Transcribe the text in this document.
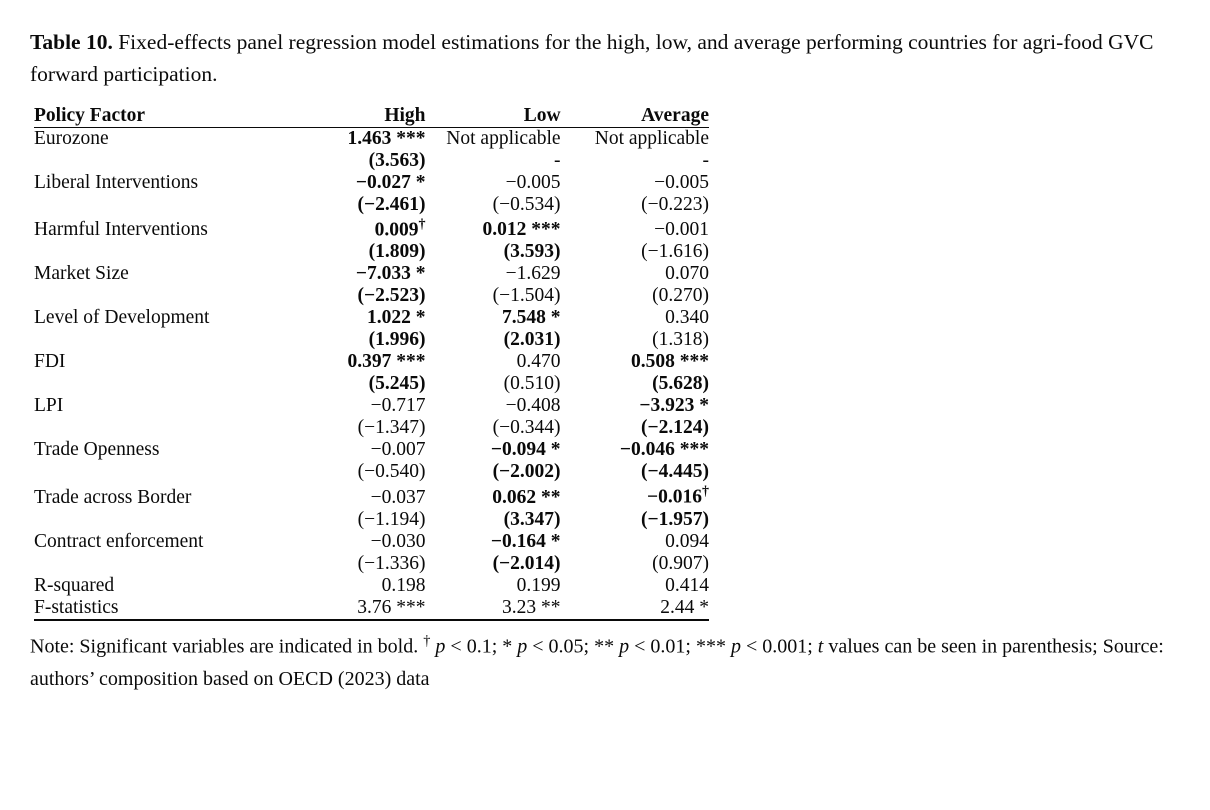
Table 10. Fixed-effects panel regression model estimations for the high, low, and average performing countries for agri-food GVC forward participation.

Policy Factor	High	Low	Average

Eurozone	1.463 ***	Not applicable	Not applicable
	(3.563)	-	-
Liberal Interventions	−0.027 *	−0.005	−0.005
	(−2.461)	(−0.534)	(−0.223)
Harmful Interventions	0.009†	0.012 ***	−0.001
	(1.809)	(3.593)	(−1.616)
Market Size	−7.033 *	−1.629	0.070
	(−2.523)	(−1.504)	(0.270)
Level of Development	1.022 *	7.548 *	0.340
	(1.996)	(2.031)	(1.318)
FDI	0.397 ***	0.470	0.508 ***
	(5.245)	(0.510)	(5.628)
LPI	−0.717	−0.408	−3.923 *
	(−1.347)	(−0.344)	(−2.124)
Trade Openness	−0.007	−0.094 *	−0.046 ***
	(−0.540)	(−2.002)	(−4.445)
Trade across Border	−0.037	0.062 **	−0.016†
	(−1.194)	(3.347)	(−1.957)
Contract enforcement	−0.030	−0.164 *	0.094
	(−1.336)	(−2.014)	(0.907)
R-squared	0.198	0.199	0.414
F-statistics	3.76 ***	3.23 **	2.44 *

Note: Significant variables are indicated in bold. † p < 0.1; * p < 0.05; ** p < 0.01; *** p < 0.001; t values can be seen in parenthesis; Source: authors’ composition based on OECD (2023) data
